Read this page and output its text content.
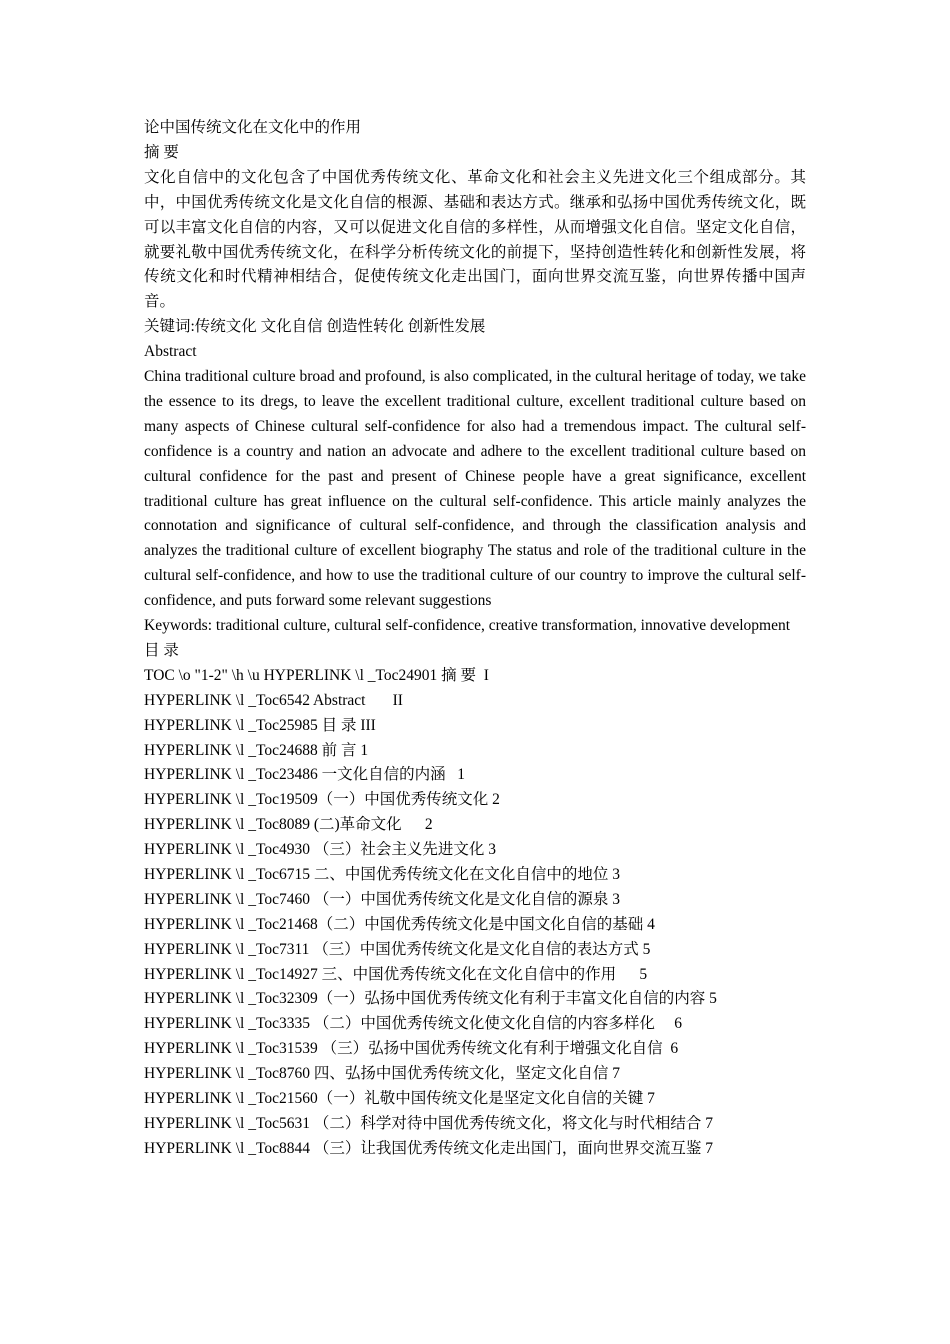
论中国传统文化在文化中的作用
摘 要

文化自信中的文化包含了中国优秀传统文化、革命文化和社会主义先进文化三个组成部分。其中，中国优秀传统文化是文化自信的根源、基础和表达方式。继承和弘扬中国优秀传统文化，既可以丰富文化自信的内容，又可以促进文化自信的多样性，从而增强文化自信。坚定文化自信，就要礼敬中国优秀传统文化，在科学分析传统文化的前提下，坚持创造性转化和创新性发展，将传统文化和时代精神相结合，促使传统文化走出国门，面向世界交流互鉴，向世界传播中国声音。

关键词:传统文化 文化自信 创造性转化 创新性发展
Abstract

China traditional culture broad and profound, is also complicated, in the cultural heritage of today, we take the essence to its dregs, to leave the excellent traditional culture, excellent traditional culture based on many aspects of Chinese cultural self-confidence for also had a tremendous impact. The cultural self-confidence is a country and nation an advocate and adhere to the excellent traditional culture based on cultural confidence for the past and present of Chinese people have a great significance, excellent traditional culture has great influence on the cultural self-confidence. This article mainly analyzes the connotation and significance of cultural self-confidence, and through the classification analysis and analyzes the traditional culture of excellent biography The status and role of the traditional culture in the cultural self-confidence, and how to use the traditional culture of our country to improve the cultural self-confidence, and puts forward some relevant suggestions

Keywords: traditional culture, cultural self-confidence, creative transformation, innovative development

目 录
TOC \o "1-2" \h \u HYPERLINK \l _Toc24901 摘 要  I
HYPERLINK \l _Toc6542 Abstract       II
HYPERLINK \l _Toc25985 目 录 III
HYPERLINK \l _Toc24688 前 言 1
HYPERLINK \l _Toc23486 一文化自信的内涵   1
HYPERLINK \l _Toc19509（一）中国优秀传统文化 2
HYPERLINK \l _Toc8089 (二)革命文化      2
HYPERLINK \l _Toc4930 （三）社会主义先进文化 3
HYPERLINK \l _Toc6715 二、中国优秀传统文化在文化自信中的地位 3
HYPERLINK \l _Toc7460 （一）中国优秀传统文化是文化自信的源泉 3
HYPERLINK \l _Toc21468（二）中国优秀传统文化是中国文化自信的基础 4
HYPERLINK \l _Toc7311 （三）中国优秀传统文化是文化自信的表达方式 5
HYPERLINK \l _Toc14927 三、中国优秀传统文化在文化自信中的作用      5
HYPERLINK \l _Toc32309（一）弘扬中国优秀传统文化有利于丰富文化自信的内容 5
HYPERLINK \l _Toc3335 （二）中国优秀传统文化使文化自信的内容多样化     6
HYPERLINK \l _Toc31539 （三）弘扬中国优秀传统文化有利于增强文化自信  6
HYPERLINK \l _Toc8760 四、弘扬中国优秀传统文化，坚定文化自信 7
HYPERLINK \l _Toc21560（一）礼敬中国传统文化是坚定文化自信的关键 7
HYPERLINK \l _Toc5631 （二）科学对待中国优秀传统文化，将文化与时代相结合 7
HYPERLINK \l _Toc8844 （三）让我国优秀传统文化走出国门，面向世界交流互鉴 7
